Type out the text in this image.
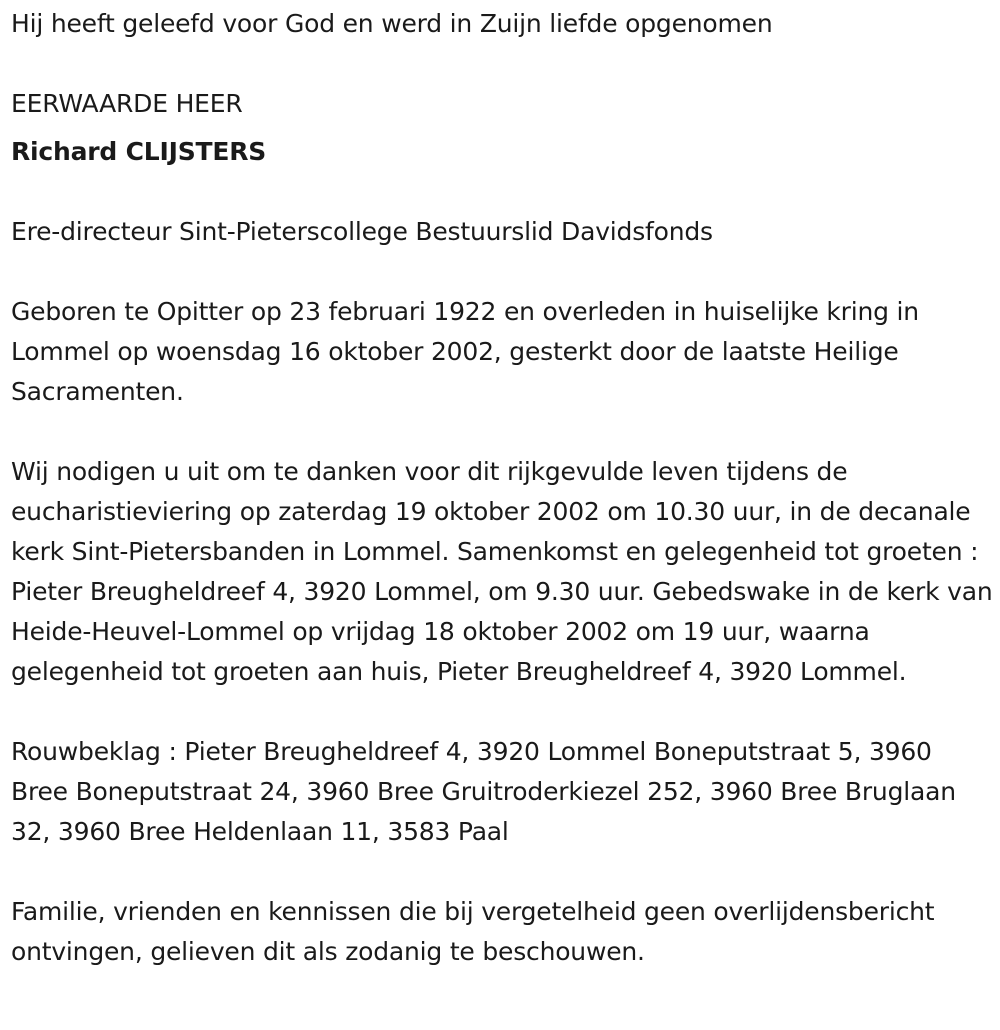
Hij heeft geleefd voor God en werd in Zuijn liefde opgenomen

EERWAARDE HEER

Richard CLIJSTERS

Ere-directeur Sint-Pieterscollege Bestuurslid Davidsfonds

Geboren te Opitter op 23 februari 1922 en overleden in huiselijke kring in Lommel op woensdag 16 oktober 2002, gesterkt door de laatste Heilige Sacramenten.

Wij nodigen u uit om te danken voor dit rijkgevulde leven tijdens de eucharistieviering op zaterdag 19 oktober 2002 om 10.30 uur, in de decanale kerk Sint-Pietersbanden in Lommel. Samenkomst en gelegenheid tot groeten : Pieter Breugheldreef 4, 3920 Lommel, om 9.30 uur. Gebedswake in de kerk van Heide-Heuvel-Lommel op vrijdag 18 oktober 2002 om 19 uur, waarna gelegenheid tot groeten aan huis, Pieter Breugheldreef 4, 3920 Lommel.

Rouwbeklag : Pieter Breugheldreef 4, 3920 Lommel Boneputstraat 5, 3960 Bree Boneputstraat 24, 3960 Bree Gruitroderkiezel 252, 3960 Bree Bruglaan 32, 3960 Bree Heldenlaan 11, 3583 Paal

Familie, vrienden en kennissen die bij vergetelheid geen overlijdensbericht ontvingen, gelieven dit als zodanig te beschouwen.
